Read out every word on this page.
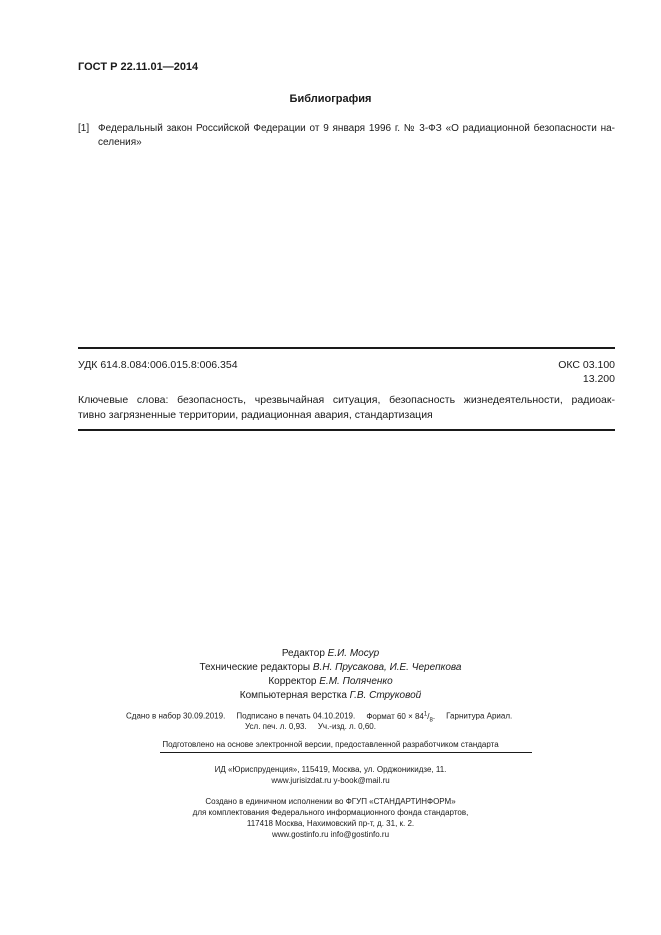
ГОСТ Р 22.11.01—2014
Библиография
[1] Федеральный закон Российской Федерации от 9 января 1996 г. № 3-ФЗ «О радиационной безопасности на-
селения»
УДК 614.8.084:006.015.8:006.354	ОКС 03.100
13.200
Ключевые слова: безопасность, чрезвычайная ситуация, безопасность жизнедеятельности, радиоак-
тивно загрязненные территории, радиационная авария, стандартизация
Редактор Е.И. Мосур
Технические редакторы В.Н. Прусакова, И.Е. Черепкова
Корректор Е.М. Поляченко
Компьютерная верстка Г.В. Струковой
Сдано в набор 30.09.2019. Подписано в печать 04.10.2019. Формат $60 \times 84^1/_8$. Гарнитура Ариал.
Усл. печ. л. 0,93. Уч.-изд. л. 0,60.
Подготовлено на основе электронной версии, предоставленной разработчиком стандарта
ИД «Юриспруденция», 115419, Москва, ул. Орджоникидзе, 11.
www.jurisizdat.ru y-book@mail.ru
Создано в единичном исполнении во ФГУП «СТАНДАРТИНФОРМ»
для комплектования Федерального информационного фонда стандартов,
117418 Москва, Нахимовский пр-т, д. 31, к. 2.
www.gostinfo.ru info@gostinfo.ru
